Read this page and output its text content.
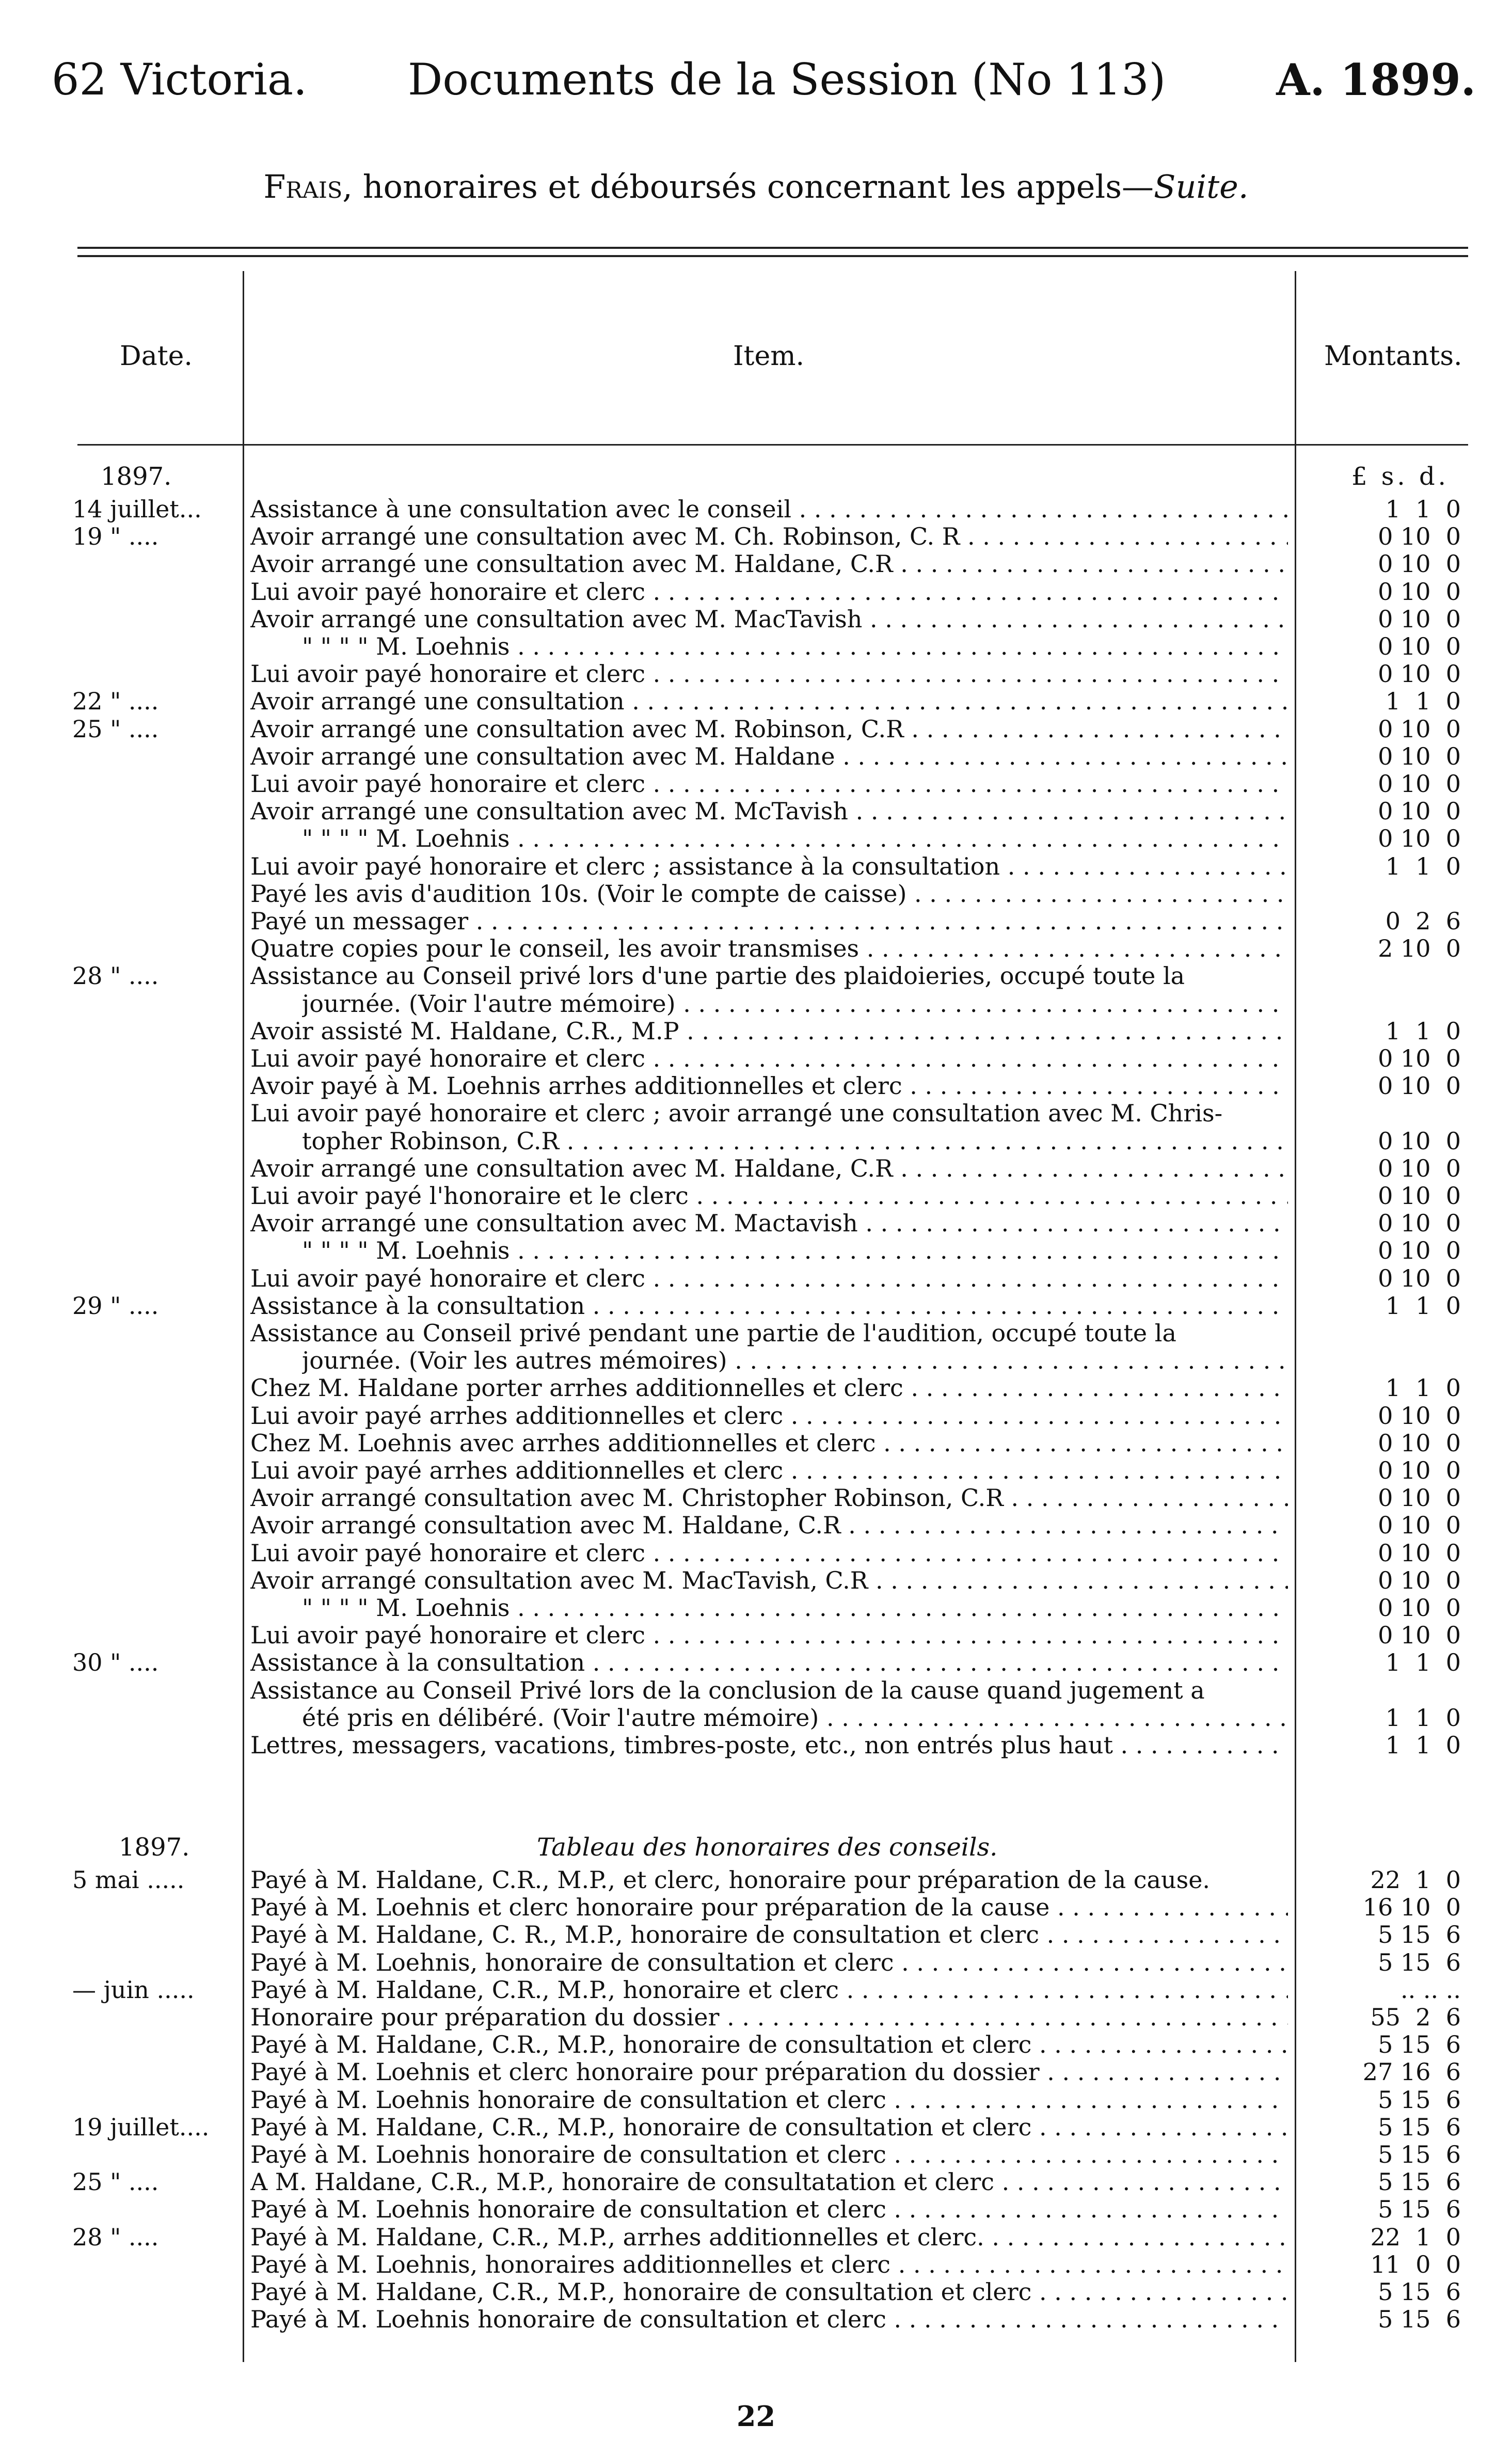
62 Victoria. Documents de la Session (No 113)	A. 1899.
Frais, honoraires et déboursés concernant les appels—Suite.
Date.	Item.	Montants.
1897.	£ s. d.
14 juillet...	Assistance à une consultation avec le conseil . . .	1  1  0
19 " ....	Avoir arrangé une consultation avec M. Ch. Robinson, C. R . . .	0 10  0
Avoir arrangé une consultation avec M. Haldane, C.R . . .	0 10  0
Lui avoir payé honoraire et clerc . . .	0 10  0
Avoir arrangé une consultation avec M. MacTavish . . .	0 10  0
" " " " M. Loehnis . . .	0 10  0
Lui avoir payé honoraire et clerc . . .	0 10  0
22 " ....	Avoir arrangé une consultation . . .	1  1  0
25 " ....	Avoir arrangé une consultation avec M. Robinson, C.R . . .	0 10  0
Avoir arrangé une consultation avec M. Haldane . . .	0 10  0
Lui avoir payé honoraire et clerc . . .	0 10  0
Avoir arrangé une consultation avec M. McTavish . . .	0 10  0
" " " " M. Loehnis . . .	0 10  0
Lui avoir payé honoraire et clerc ; assistance à la consultation . . .	1  1  0
Payé les avis d'audition 10s. (Voir le compte de caisse) . . .
Payé un messager . . .	0  2  6
Quatre copies pour le conseil, les avoir transmises . . .	2 10  0
28 " ....	Assistance au Conseil privé lors d'une partie des plaidoieries, occupé toute la
journée. (Voir l'autre mémoire) . . .
Avoir assisté M. Haldane, C.R., M.P . . .	1  1  0
Lui avoir payé honoraire et clerc . . .	0 10  0
Avoir payé à M. Loehnis arrhes additionnelles et clerc . . .	0 10  0
Lui avoir payé honoraire et clerc ; avoir arrangé une consultation avec M. Chris-
topher Robinson, C.R . . .	0 10  0
Avoir arrangé une consultation avec M. Haldane, C.R . . .	0 10  0
Lui avoir payé l'honoraire et le clerc . . .	0 10  0
Avoir arrangé une consultation avec M. Mactavish . . .	0 10  0
" " " " M. Loehnis . . .	0 10  0
Lui avoir payé honoraire et clerc . . .	0 10  0
29 " ....	Assistance à la consultation . . .	1  1  0
Assistance au Conseil privé pendant une partie de l'audition, occupé toute la
journée. (Voir les autres mémoires) . . .
Chez M. Haldane porter arrhes additionnelles et clerc . . .	1  1  0
Lui avoir payé arrhes additionnelles et clerc . . .	0 10  0
Chez M. Loehnis avec arrhes additionnelles et clerc . . .	0 10  0
Lui avoir payé arrhes additionnelles et clerc . . .	0 10  0
Avoir arrangé consultation avec M. Christopher Robinson, C.R . . .	0 10  0
Avoir arrangé consultation avec M. Haldane, C.R . . .	0 10  0
Lui avoir payé honoraire et clerc . . .	0 10  0
Avoir arrangé consultation avec M. MacTavish, C.R . . .	0 10  0
" " " " M. Loehnis . . .	0 10  0
Lui avoir payé honoraire et clerc . . .	0 10  0
30 " ....	Assistance à la consultation . . .	1  1  0
Assistance au Conseil Privé lors de la conclusion de la cause quand jugement a
été pris en délibéré. (Voir l'autre mémoire) . . .	1  1  0
Lettres, messagers, vacations, timbres-poste, etc., non entrés plus haut . . .	1  1  0
1897.	Tableau des honoraires des conseils.
5 mai .....	Payé à M. Haldane, C.R., M.P., et clerc, honoraire pour préparation de la cause.	22  1  0
Payé à M. Loehnis et clerc honoraire pour préparation de la cause . . .	16 10  0
Payé à M. Haldane, C. R., M.P., honoraire de consultation et clerc . . .	5 15  6
Payé à M. Loehnis, honoraire de consultation et clerc . . .	5 15  6
— juin .....	Payé à M. Haldane, C.R., M.P., honoraire et clerc . . .	.. .. ..
Honoraire pour préparation du dossier . . .	55  2  6
Payé à M. Haldane, C.R., M.P., honoraire de consultation et clerc . . .	5 15  6
Payé à M. Loehnis et clerc honoraire pour préparation du dossier . . .	27 16  6
Payé à M. Loehnis honoraire de consultation et clerc . . .	5 15  6
19 juillet....	Payé à M. Haldane, C.R., M.P., honoraire de consultation et clerc . . .	5 15  6
Payé à M. Loehnis honoraire de consultation et clerc . . .	5 15  6
25 " ....	A M. Haldane, C.R., M.P., honoraire de consultatation et clerc . . .	5 15  6
Payé à M. Loehnis honoraire de consultation et clerc . . .	5 15  6
28 " ....	Payé à M. Haldane, C.R., M.P., arrhes additionnelles et clerc. . . .	22  1  0
Payé à M. Loehnis, honoraires additionnelles et clerc . . .	11  0  0
Payé à M. Haldane, C.R., M.P., honoraire de consultation et clerc . . .	5 15  6
Payé à M. Loehnis honoraire de consultation et clerc . . .	5 15  6
22
